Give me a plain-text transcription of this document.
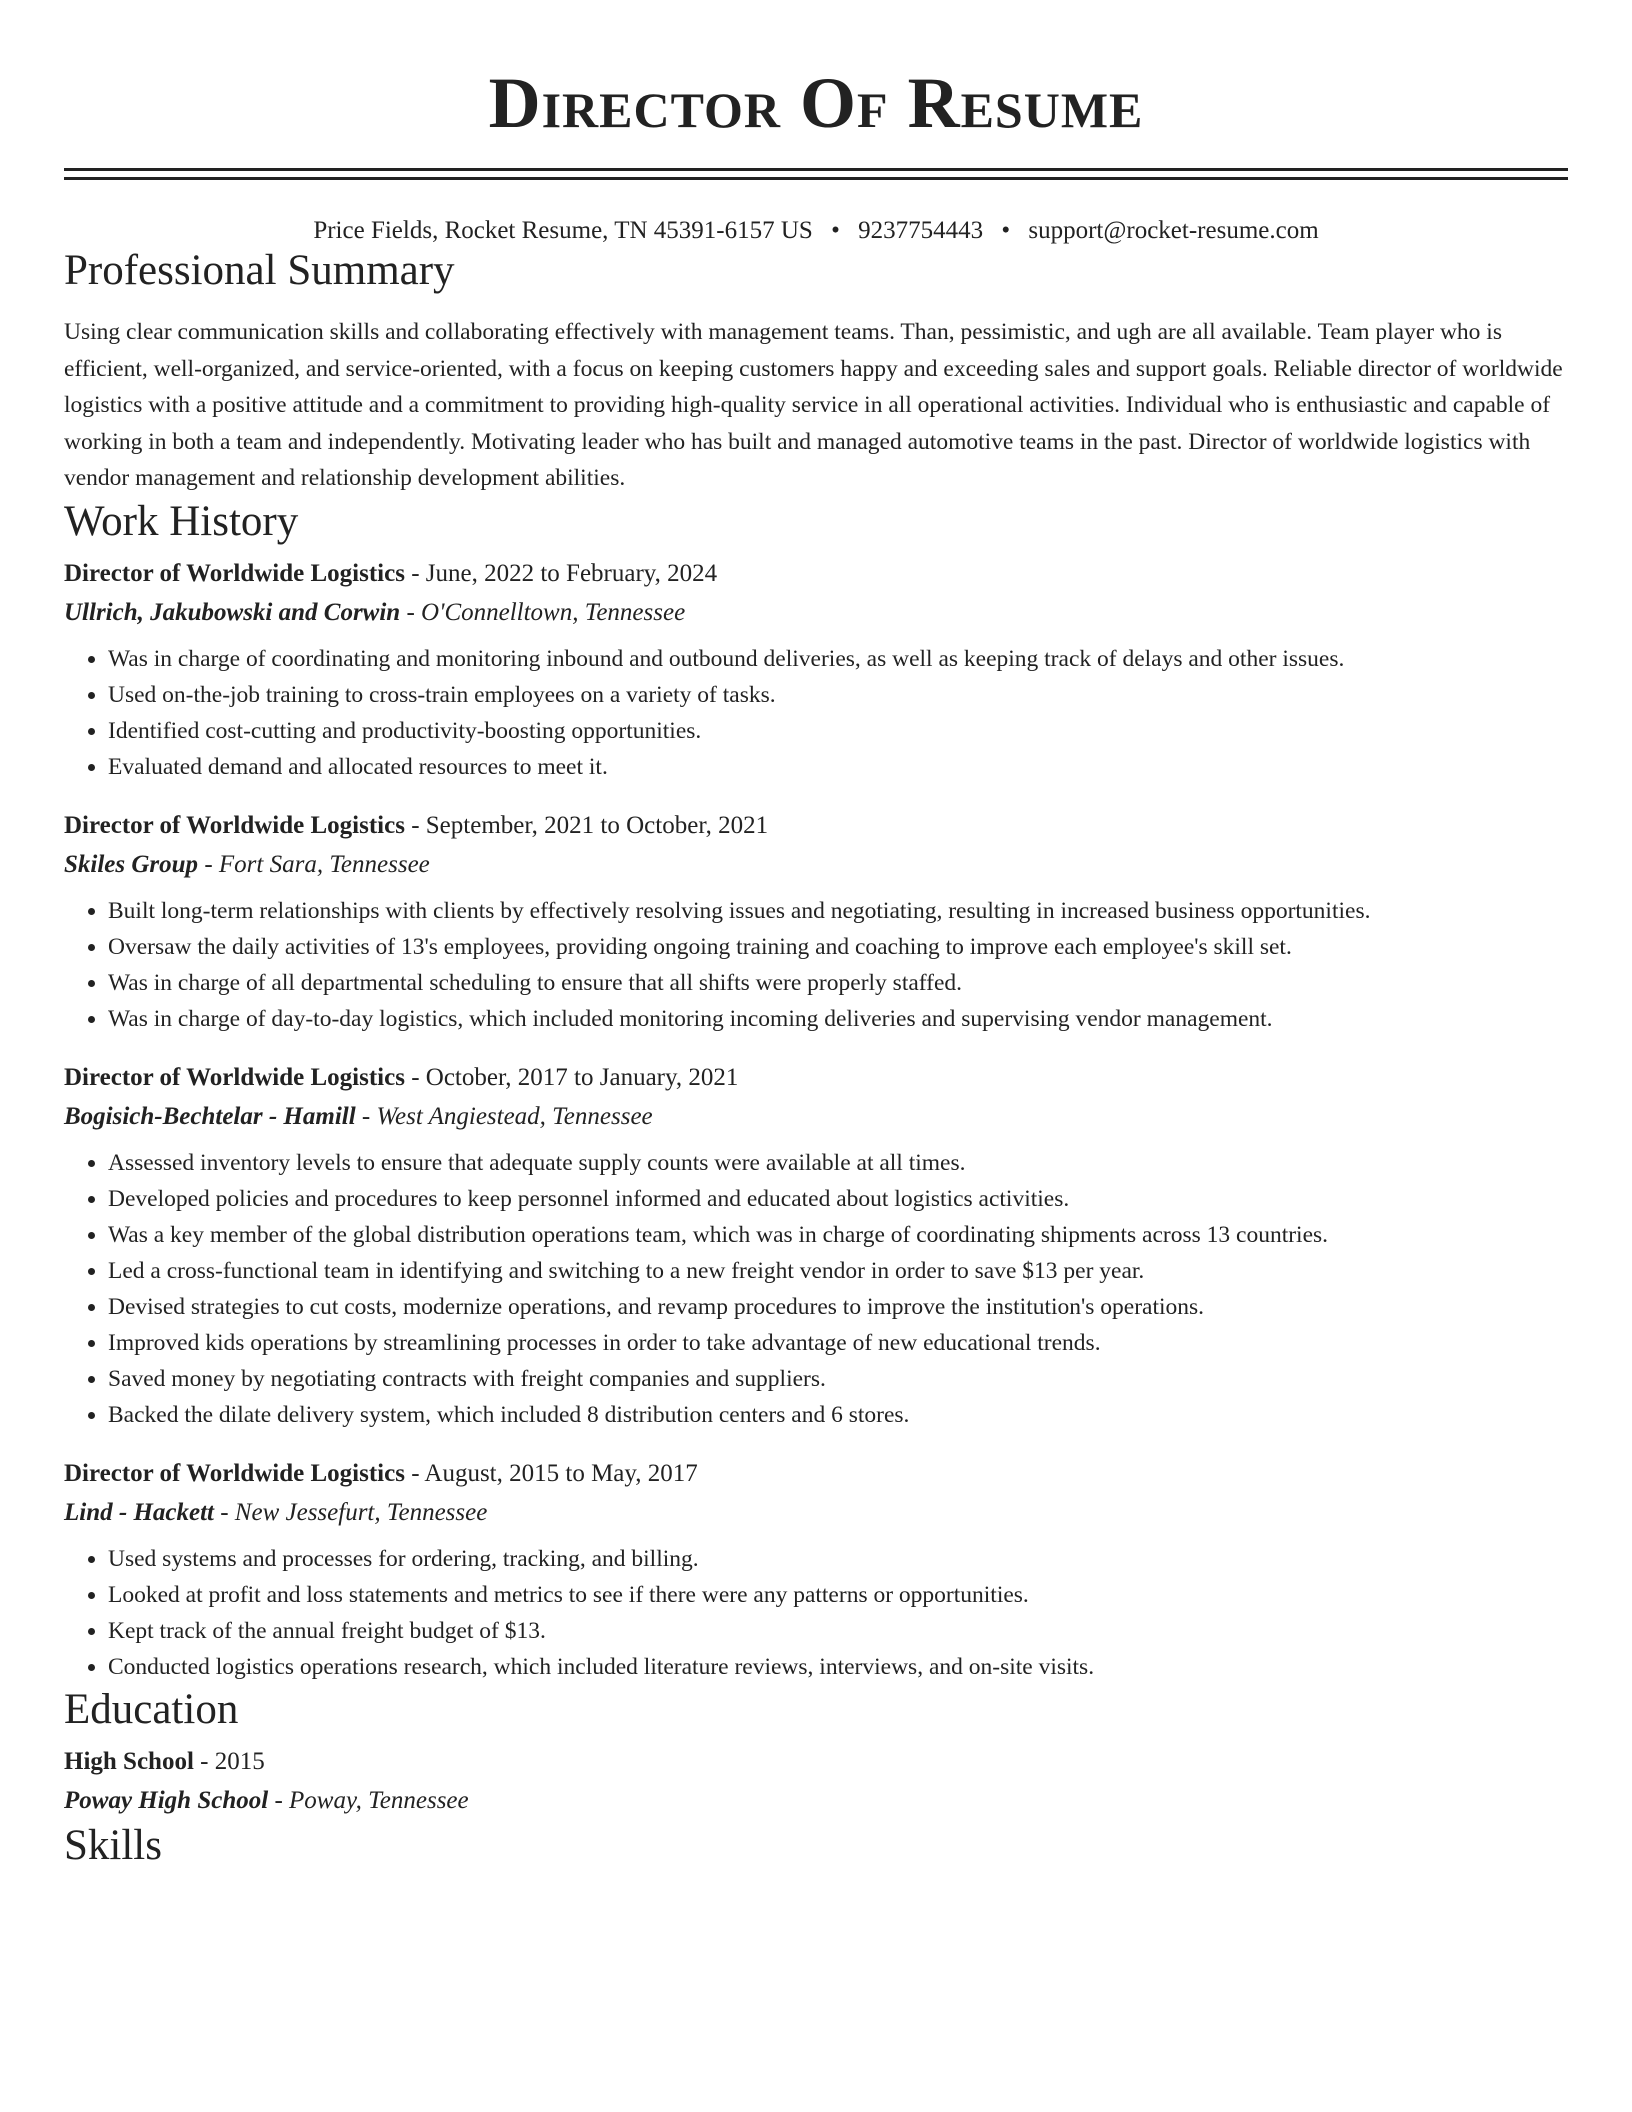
Director Of Resume
Price Fields, Rocket Resume, TN 45391-6157 US • 9237754443 • support@rocket-resume.com
Professional Summary

Using clear communication skills and collaborating effectively with management teams. Than, pessimistic, and ugh are all available. Team player who is efficient, well-organized, and service-oriented, with a focus on keeping customers happy and exceeding sales and support goals. Reliable director of worldwide logistics with a positive attitude and a commitment to providing high-quality service in all operational activities. Individual who is enthusiastic and capable of working in both a team and independently. Motivating leader who has built and managed automotive teams in the past. Director of worldwide logistics with vendor management and relationship development abilities.

Work History
Director of Worldwide Logistics - June, 2022 to February, 2024
Ullrich, Jakubowski and Corwin - O'Connelltown, Tennessee
• Was in charge of coordinating and monitoring inbound and outbound deliveries, as well as keeping track of delays and other issues.
• Used on-the-job training to cross-train employees on a variety of tasks.
• Identified cost-cutting and productivity-boosting opportunities.
• Evaluated demand and allocated resources to meet it.
Director of Worldwide Logistics - September, 2021 to October, 2021
Skiles Group - Fort Sara, Tennessee
• Built long-term relationships with clients by effectively resolving issues and negotiating, resulting in increased business opportunities.
• Oversaw the daily activities of 13's employees, providing ongoing training and coaching to improve each employee's skill set.
• Was in charge of all departmental scheduling to ensure that all shifts were properly staffed.
• Was in charge of day-to-day logistics, which included monitoring incoming deliveries and supervising vendor management.
Director of Worldwide Logistics - October, 2017 to January, 2021
Bogisich-Bechtelar - Hamill - West Angiestead, Tennessee
• Assessed inventory levels to ensure that adequate supply counts were available at all times.
• Developed policies and procedures to keep personnel informed and educated about logistics activities.
• Was a key member of the global distribution operations team, which was in charge of coordinating shipments across 13 countries.
• Led a cross-functional team in identifying and switching to a new freight vendor in order to save $13 per year.
• Devised strategies to cut costs, modernize operations, and revamp procedures to improve the institution's operations.
• Improved kids operations by streamlining processes in order to take advantage of new educational trends.
• Saved money by negotiating contracts with freight companies and suppliers.
• Backed the dilate delivery system, which included 8 distribution centers and 6 stores.
Director of Worldwide Logistics - August, 2015 to May, 2017
Lind - Hackett - New Jessefurt, Tennessee
• Used systems and processes for ordering, tracking, and billing.
• Looked at profit and loss statements and metrics to see if there were any patterns or opportunities.
• Kept track of the annual freight budget of $13.
• Conducted logistics operations research, which included literature reviews, interviews, and on-site visits.
Education
High School - 2015
Poway High School - Poway, Tennessee
Skills
